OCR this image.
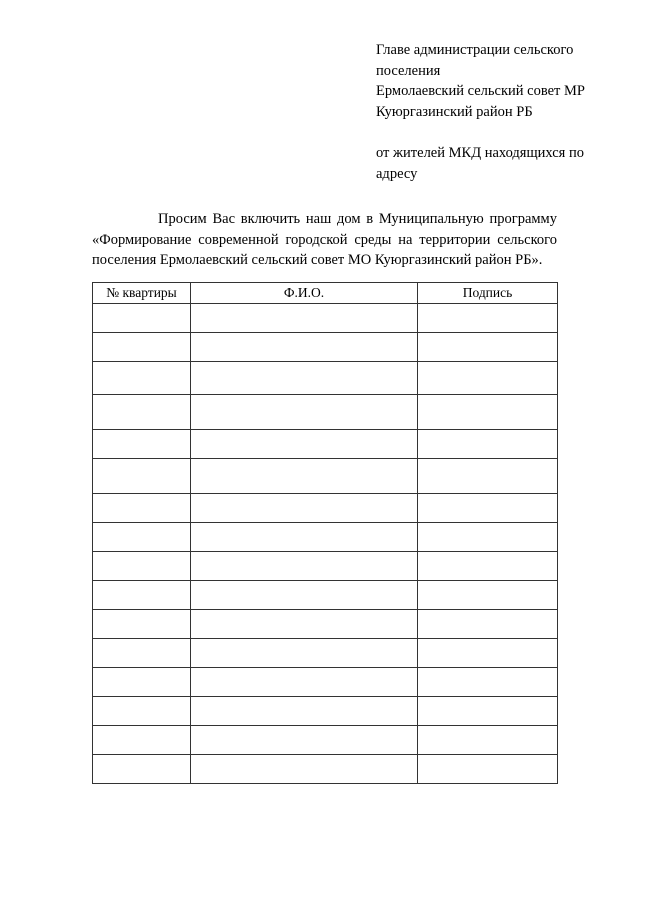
Главе администрации сельского
поселения
Ермолаевский сельский совет МР
Куюргазинский район РБ
от жителей МКД находящихся по
адресу
Просим Вас включить наш дом в Муниципальную программу
«Формирование современной городской среды на территории сельского
поселения Ермолаевский сельский совет МО Куюргазинский район РБ».
№ квартиры	Ф.И.О.	Подпись
